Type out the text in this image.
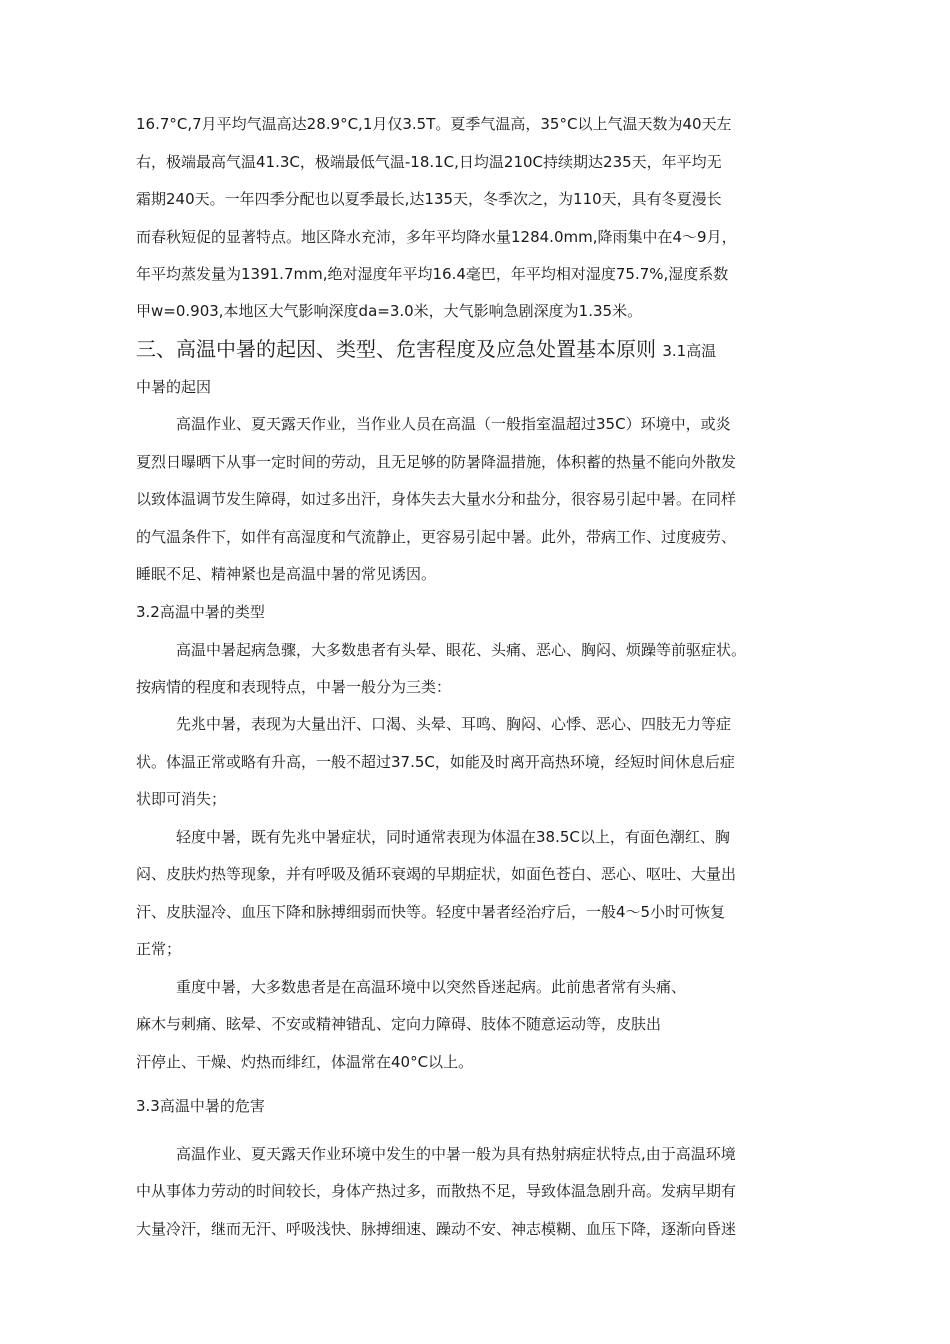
16.7°C,7月平均气温高达28.9°C,1月仅3.5T。夏季气温高，35°C以上气温天数为40天左

右，极端最高气温41.3C，极端最低气温-18.1C,日均温210C持续期达235天，年平均无

霜期240天。一年四季分配也以夏季最长,达135天，冬季次之，为110天，具有冬夏漫长

而春秋短促的显著特点。地区降水充沛，多年平均降水量1284.0mm,降雨集中在4〜9月，

年平均蒸发量为1391.7mm,绝对湿度年平均16.4毫巴，年平均相对湿度75.7%,湿度系数

甲w=0.903,本地区大气影响深度da=3.0米，大气影响急剧深度为1.35米。

三、高温中暑的起因、类型、危害程度及应急处置基本原则 3.1高温

中暑的起因

高温作业、夏天露天作业，当作业人员在高温（一般指室温超过35C）环境中，或炎

夏烈日曝晒下从事一定时间的劳动，且无足够的防暑降温措施，体积蓄的热量不能向外散发

以致体温调节发生障碍，如过多出汗，身体失去大量水分和盐分，很容易引起中暑。在同样

的气温条件下，如伴有高湿度和气流静止，更容易引起中暑。此外，带病工作、过度疲劳、

睡眠不足、精神紧也是高温中暑的常见诱因。

3.2高温中暑的类型

高温中暑起病急骤，大多数患者有头晕、眼花、头痛、恶心、胸闷、烦躁等前驱症状。

按病情的程度和表现特点，中暑一般分为三类：

先兆中暑，表现为大量出汗、口渴、头晕、耳鸣、胸闷、心悸、恶心、四肢无力等症

状。体温正常或略有升高，一般不超过37.5C，如能及时离开高热环境，经短时间休息后症

状即可消失；

轻度中暑，既有先兆中暑症状，同时通常表现为体温在38.5C以上，有面色潮红、胸

闷、皮肤灼热等现象，并有呼吸及循环衰竭的早期症状，如面色苍白、恶心、呕吐、大量出

汗、皮肤湿冷、血压下降和脉搏细弱而快等。轻度中暑者经治疗后，一般4〜5小时可恢复

正常；

重度中暑，大多数患者是在高温环境中以突然昏迷起病。此前患者常有头痛、

麻木与刺痛、眩晕、不安或精神错乱、定向力障碍、肢体不随意运动等，皮肤出

汗停止、干燥、灼热而绯红，体温常在40°C以上。

3.3高温中暑的危害

高温作业、夏天露天作业环境中发生的中暑一般为具有热射病症状特点,由于高温环境

中从事体力劳动的时间较长，身体产热过多，而散热不足，导致体温急剧升高。发病早期有

大量冷汗，继而无汗、呼吸浅快、脉搏细速、躁动不安、神志模糊、血压下降，逐渐向昏迷
